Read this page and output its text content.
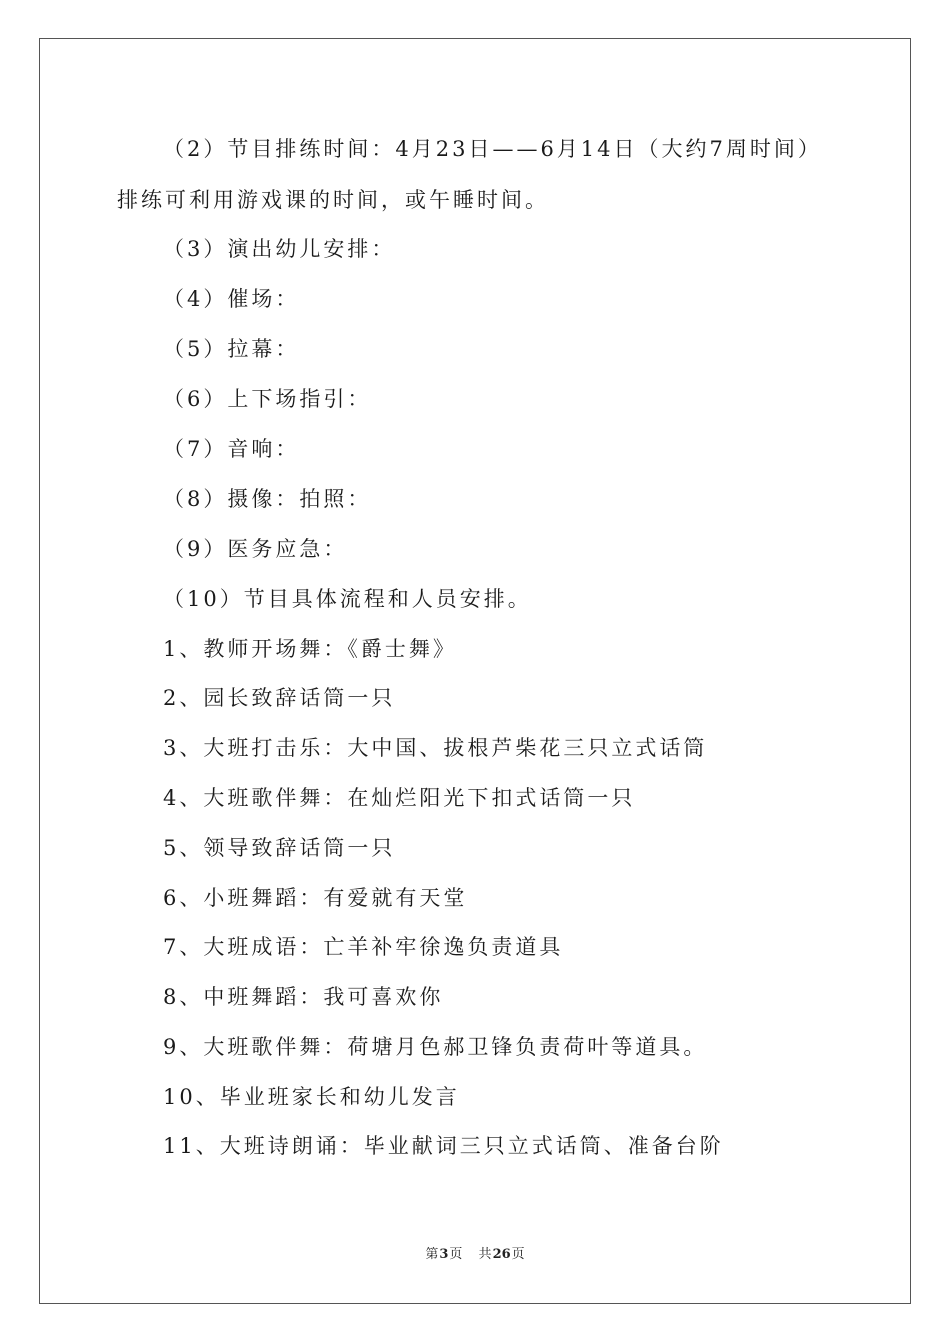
（2）节目排练时间：4月23日——6月14日（大约7周时间）
排练可利用游戏课的时间，或午睡时间。
（3）演出幼儿安排：
（4）催场：
（5）拉幕：
（6）上下场指引：
（7）音响：
（8）摄像：拍照：
（9）医务应急：
（10）节目具体流程和人员安排。
1、教师开场舞：《爵士舞》
2、园长致辞话筒一只
3、大班打击乐：大中国、拔根芦柴花三只立式话筒
4、大班歌伴舞：在灿烂阳光下扣式话筒一只
5、领导致辞话筒一只
6、小班舞蹈：有爱就有天堂
7、大班成语：亡羊补牢徐逸负责道具
8、中班舞蹈：我可喜欢你
9、大班歌伴舞：荷塘月色郝卫锋负责荷叶等道具。
10、毕业班家长和幼儿发言
11、大班诗朗诵：毕业献词三只立式话筒、准备台阶
第3页 共26页
